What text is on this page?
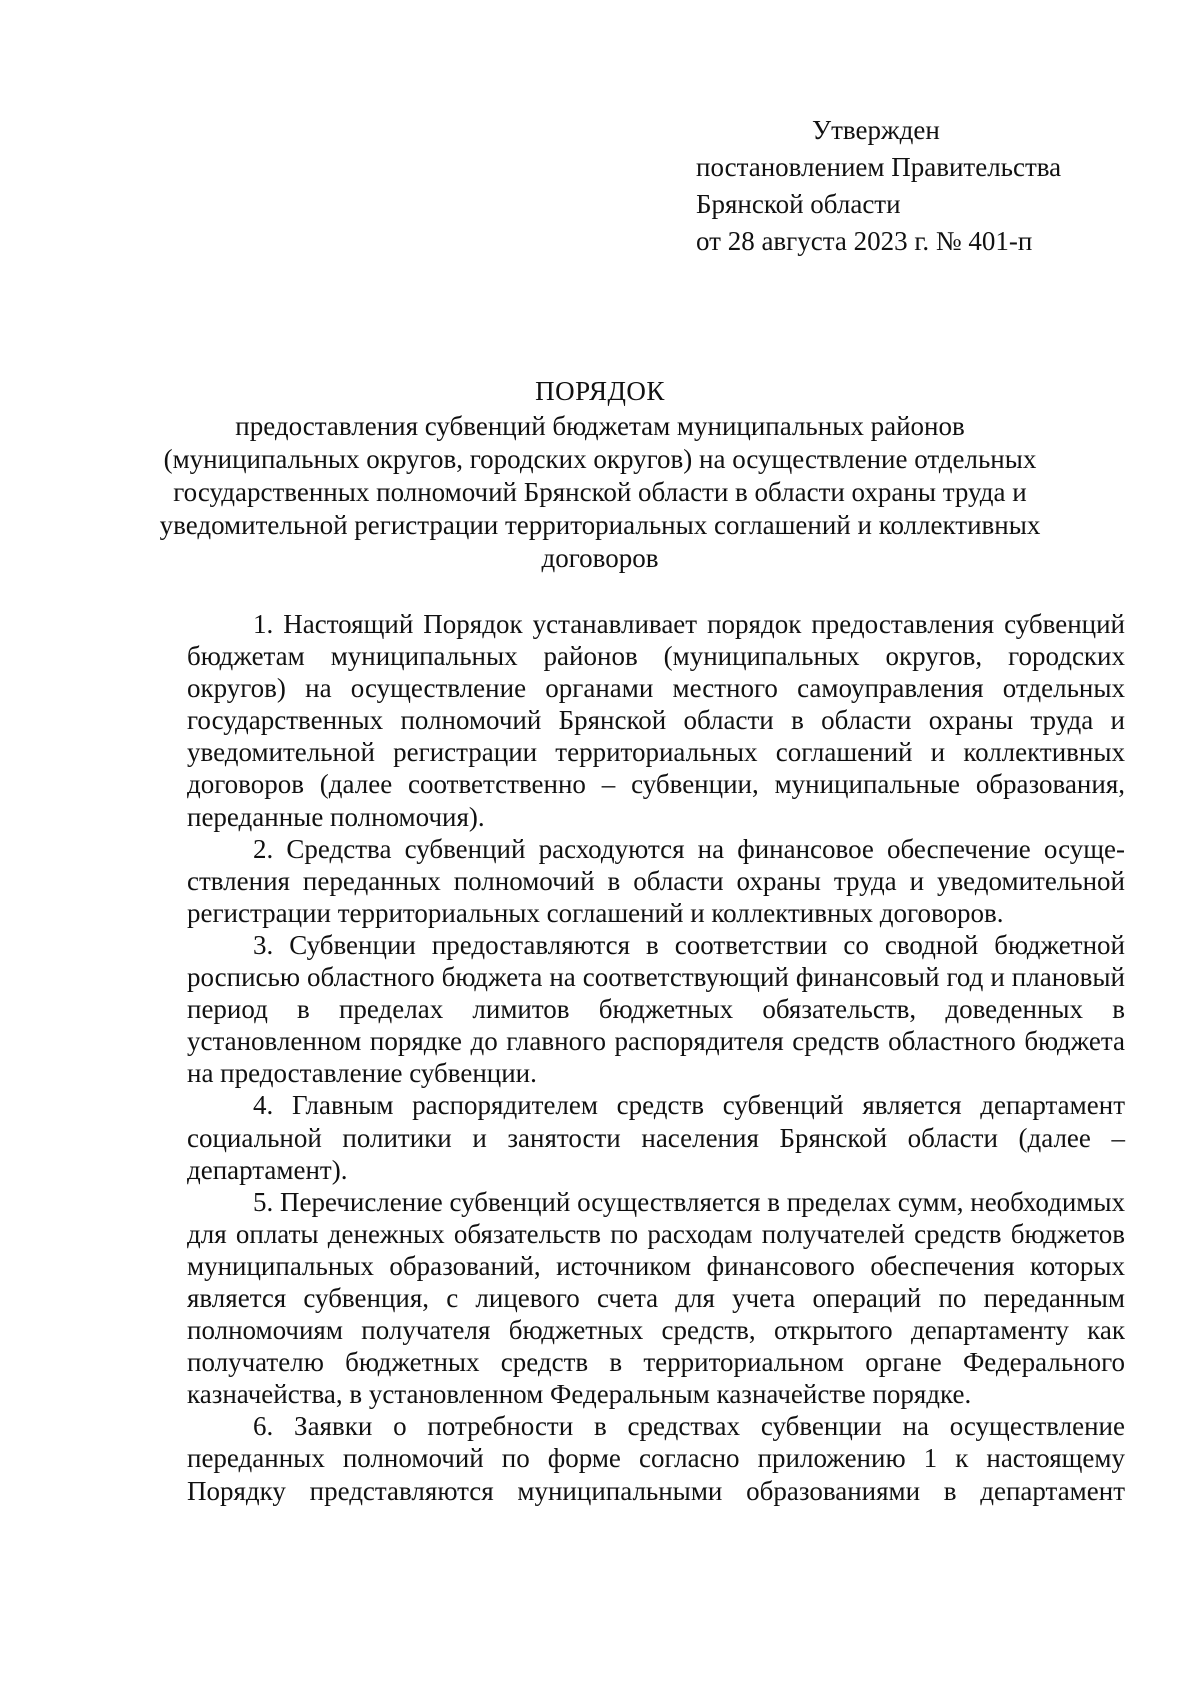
Утвержден
постановлением Правительства
Брянской области
от 28 августа 2023 г. № 401-п
ПОРЯДОК

предоставления субвенций бюджетам муниципальных районов (муниципальных округов, городских округов) на осуществление отдельных государственных полномочий Брянской области в области охраны труда и уведомительной регистрации территориальных соглашений и коллективных договоров

1. Настоящий Порядок устанавливает порядок предоставления субвенций бюджетам муниципальных районов (муниципальных округов, городских округов) на осуществление органами местного самоуправления отдельных государственных полномочий Брянской области в области охраны труда и уведомительной регистрации территориальных соглашений и коллективных договоров (далее соответственно – субвенции, муниципальные образования, переданные полномочия).

2. Средства субвенций расходуются на финансовое обеспечение осуществления переданных полномочий в области охраны труда и уведомительной регистрации территориальных соглашений и коллективных договоров.

3. Субвенции предоставляются в соответствии со сводной бюджетной росписью областного бюджета на соответствующий финансовый год и плановый период в пределах лимитов бюджетных обязательств, доведенных в установленном порядке до главного распорядителя средств областного бюджета на предоставление субвенции.

4. Главным распорядителем средств субвенций является департамент социальной политики и занятости населения Брянской области (далее – департамент).

5. Перечисление субвенций осуществляется в пределах сумм, необходимых для оплаты денежных обязательств по расходам получателей средств бюджетов муниципальных образований, источником финансового обеспечения которых является субвенция, с лицевого счета для учета операций по переданным полномочиям получателя бюджетных средств, открытого департаменту как получателю бюджетных средств в территориальном органе Федерального казначейства, в установленном Федеральным казначействе порядке.

6. Заявки о потребности в средствах субвенции на осуществление переданных полномочий по форме согласно приложению 1 к настоящему Порядку представляются муниципальными образованиями в департамент
